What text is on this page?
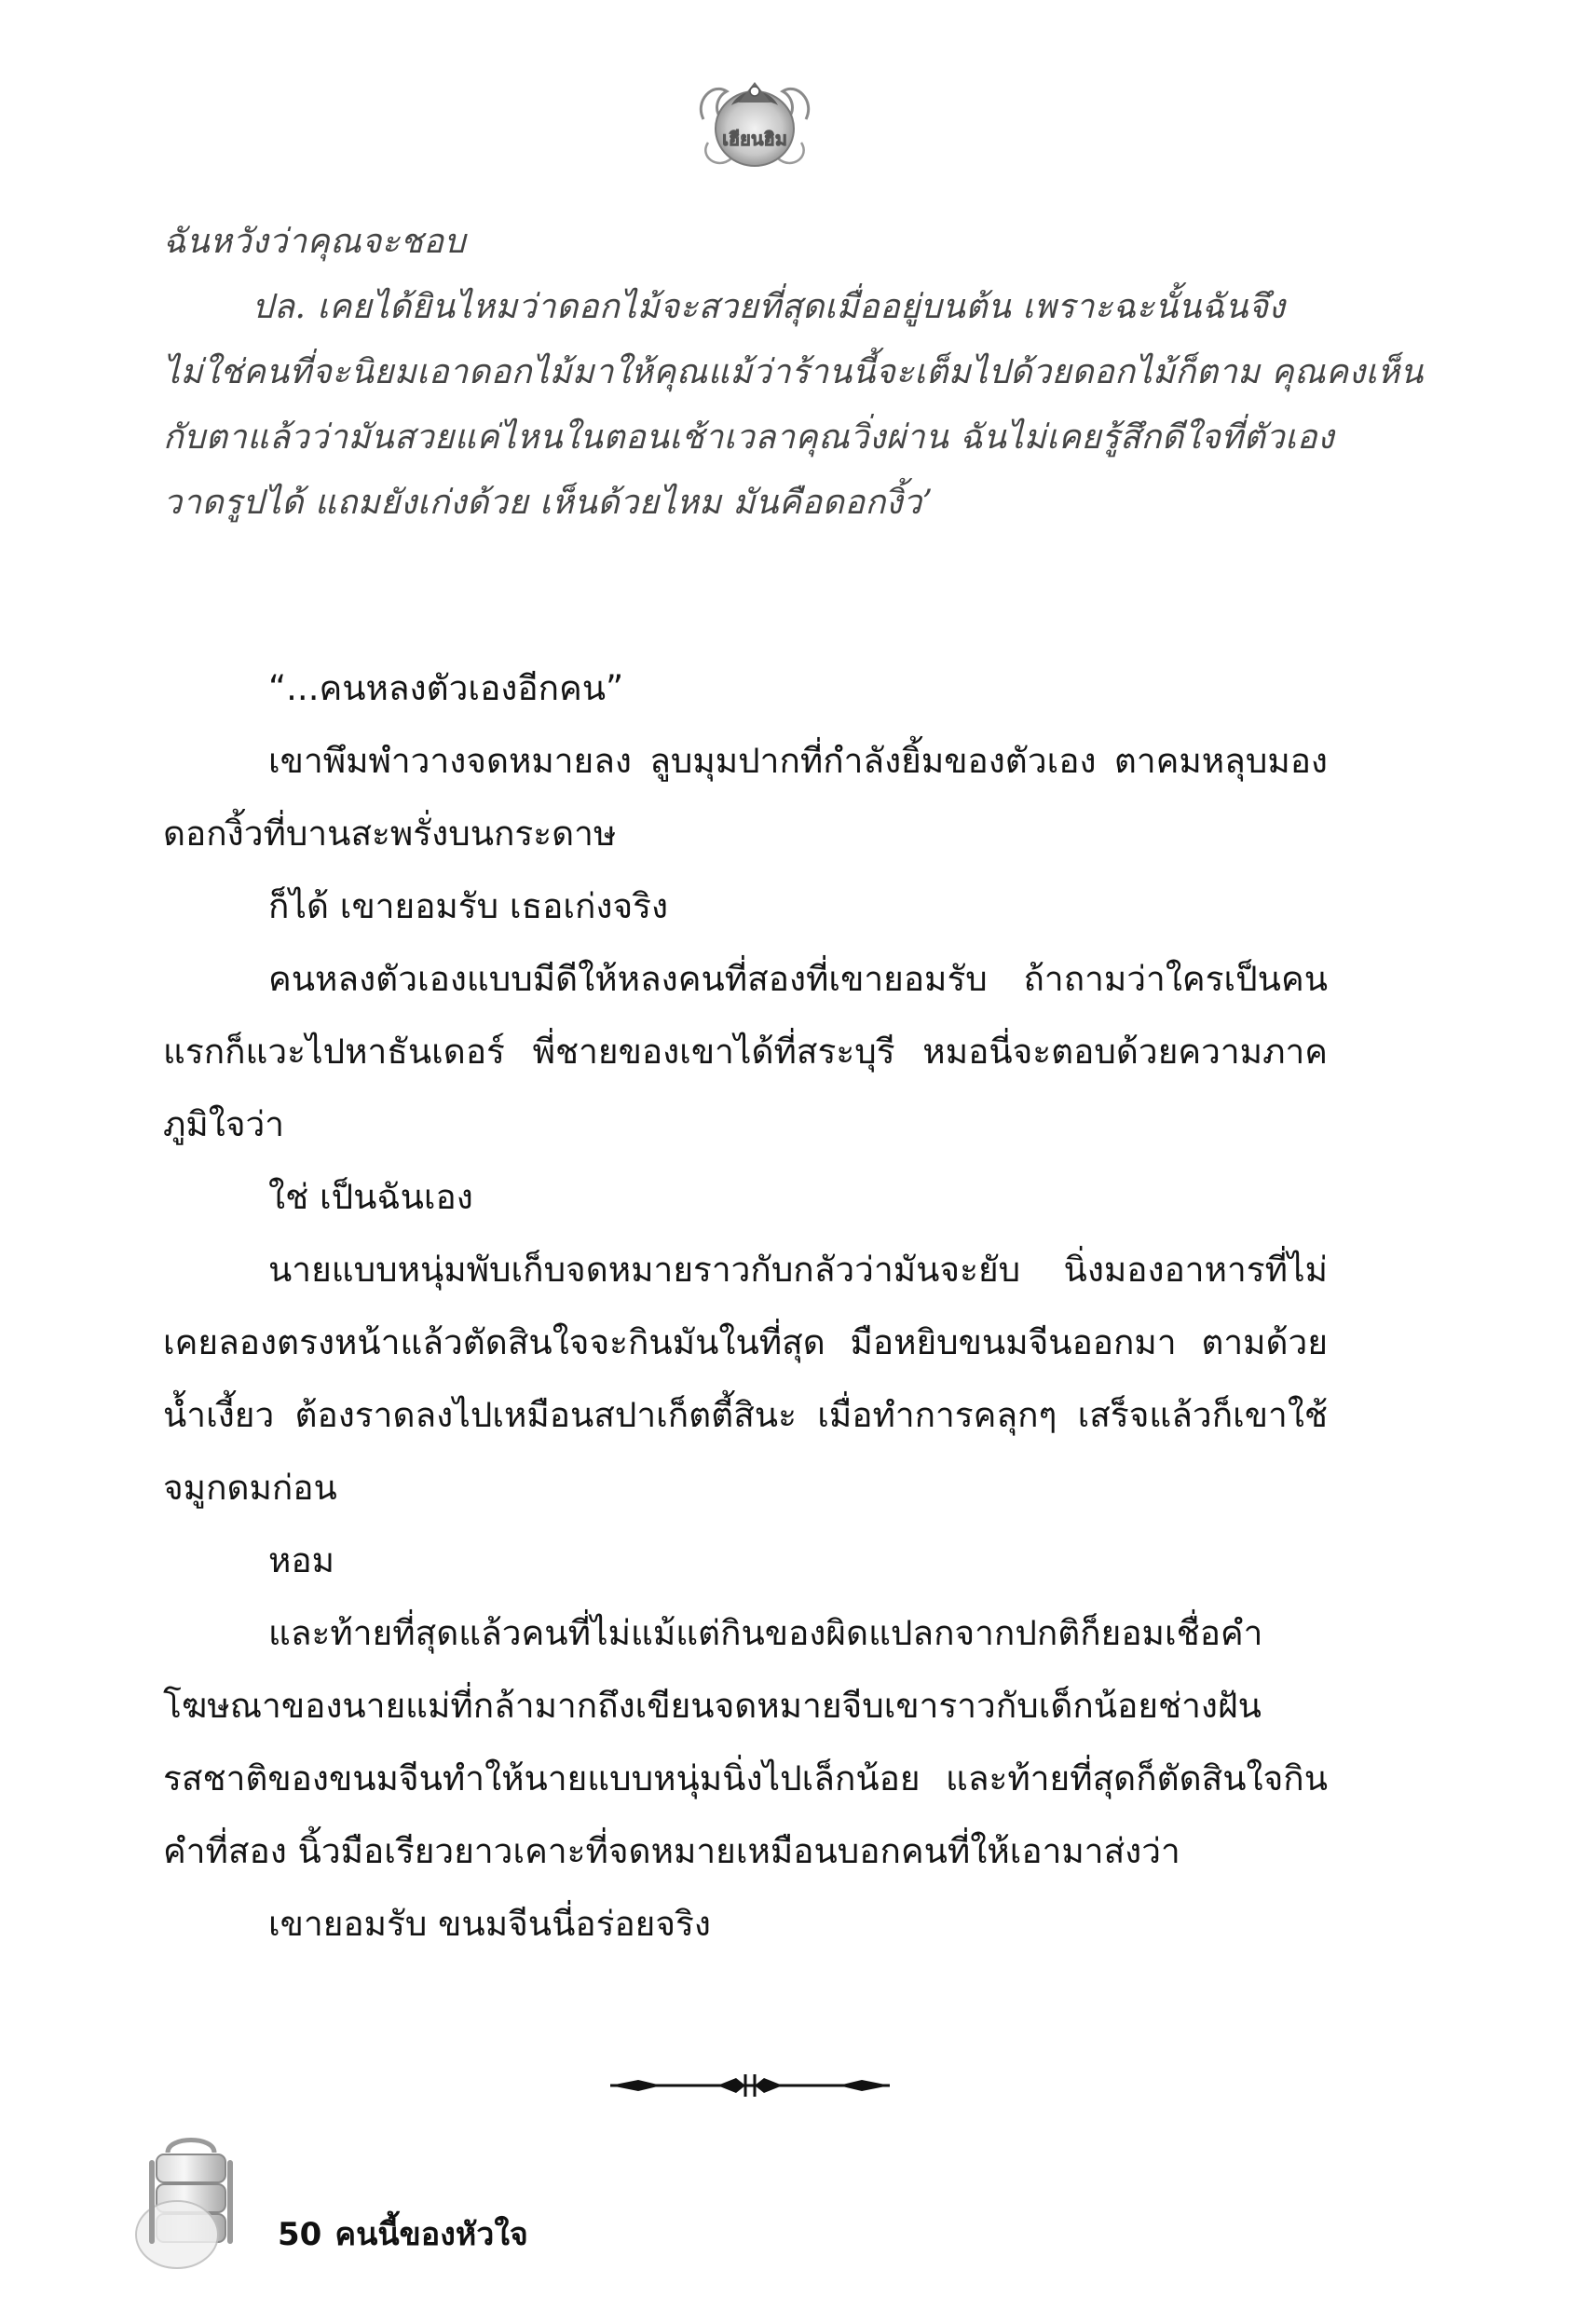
เฮียนฮิม
ฉันหวังว่าคุณจะชอบ
ปล. เคยได้ยินไหมว่าดอกไม้จะสวยที่สุดเมื่ออยู่บนต้น เพราะฉะนั้นฉันจึง
ไม่ใช่คนที่จะนิยมเอาดอกไม้มาให้คุณแม้ว่าร้านนี้จะเต็มไปด้วยดอกไม้ก็ตาม คุณคงเห็น
กับตาแล้วว่ามันสวยแค่ไหนในตอนเช้าเวลาคุณวิ่งผ่าน ฉันไม่เคยรู้สึกดีใจที่ตัวเอง
วาดรูปได้ แถมยังเก่งด้วย เห็นด้วยไหม มันคือดอกงิ้ว’

“...คนหลงตัวเองอีกคน”

เขาพึมพำวางจดหมายลง ลูบมุมปากที่กำลังยิ้มของตัวเอง ตาคมหลุบมองดอกงิ้วที่บานสะพรั่งบนกระดาษ

ก็ได้ เขายอมรับ เธอเก่งจริง

คนหลงตัวเองแบบมีดีให้หลงคนที่สองที่เขายอมรับ ถ้าถามว่าใครเป็นคนแรกก็แวะไปหาธันเดอร์ พี่ชายของเขาได้ที่สระบุรี หมอนี่จะตอบด้วยความภาคภูมิใจว่า

ใช่ เป็นฉันเอง

นายแบบหนุ่มพับเก็บจดหมายราวกับกลัวว่ามันจะยับ นิ่งมองอาหารที่ไม่เคยลองตรงหน้าแล้วตัดสินใจจะกินมันในที่สุด มือหยิบขนมจีนออกมา ตามด้วยน้ำเงี้ยว ต้องราดลงไปเหมือนสปาเก็ตตี้สินะ เมื่อทำการคลุกๆ เสร็จแล้วก็เขาใช้จมูกดมก่อน

หอม

และท้ายที่สุดแล้วคนที่ไม่แม้แต่กินของผิดแปลกจากปกติก็ยอมเชื่อคำโฆษณาของนายแม่ที่กล้ามากถึงเขียนจดหมายจีบเขาราวกับเด็กน้อยช่างฝัน รสชาติของขนมจีนทำให้นายแบบหนุ่มนิ่งไปเล็กน้อย และท้ายที่สุดก็ตัดสินใจกินคำที่สอง นิ้วมือเรียวยาวเคาะที่จดหมายเหมือนบอกคนที่ให้เอามาส่งว่า

เขายอมรับ ขนมจีนนี่อร่อยจริง

50 คนนี้ของหัวใจ
